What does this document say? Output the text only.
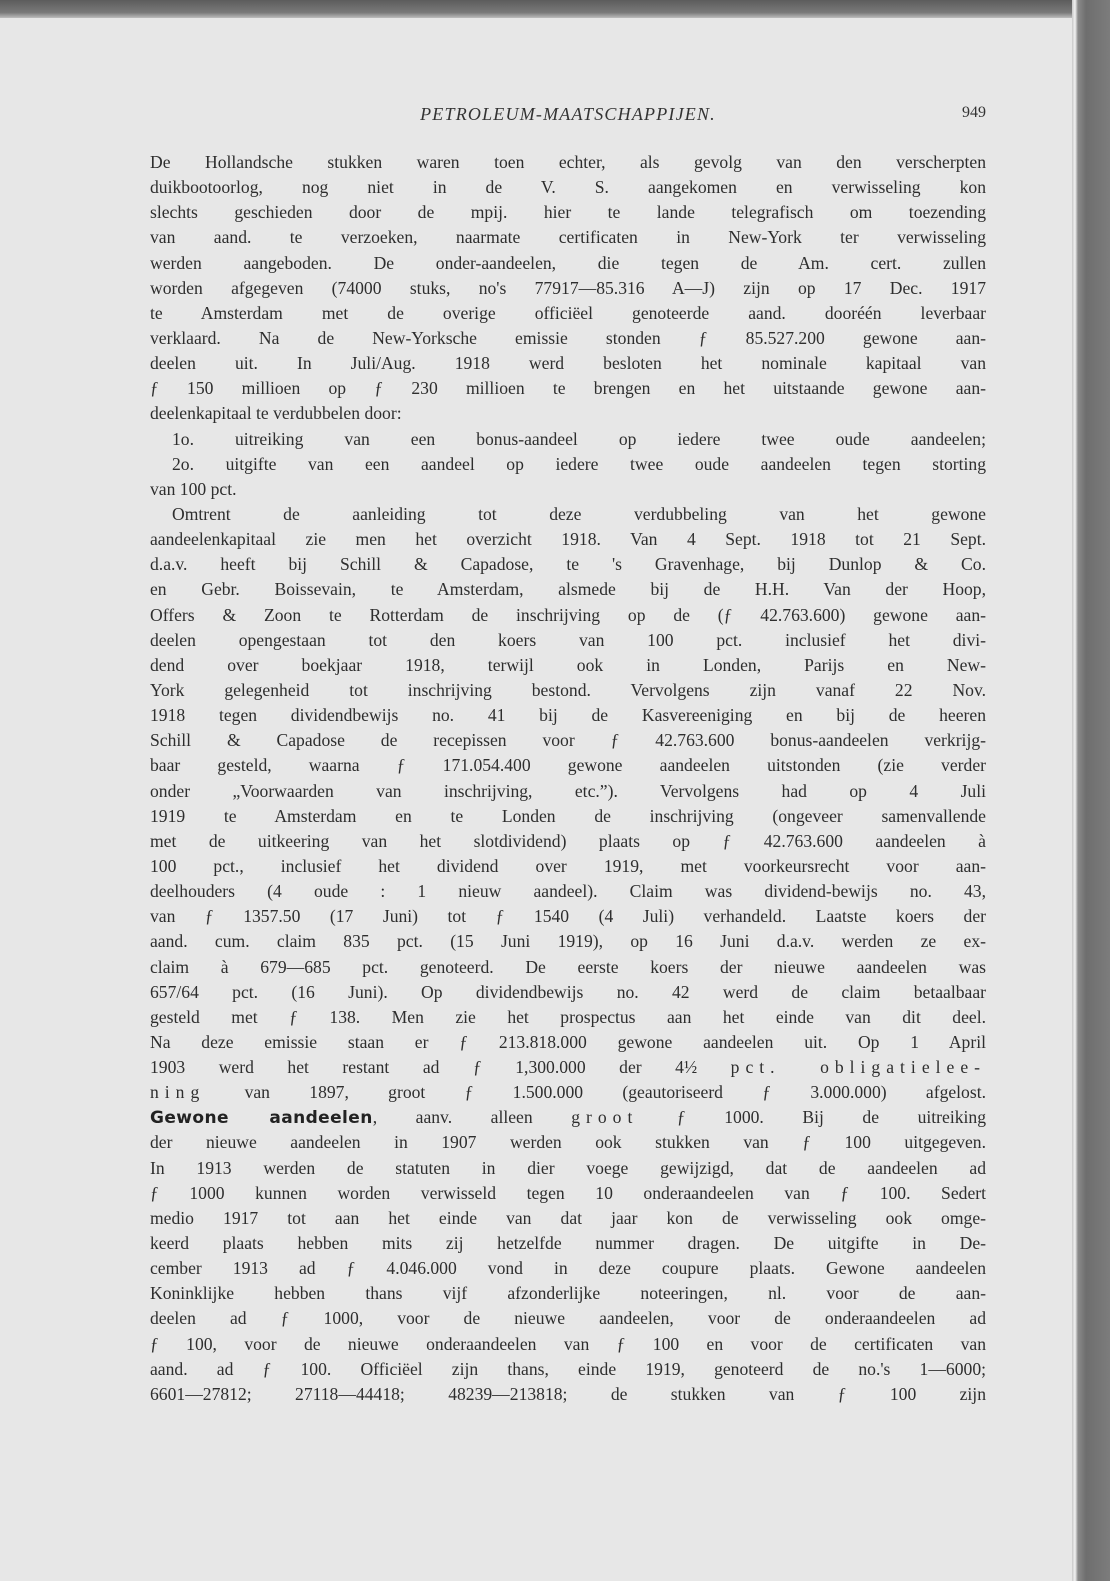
PETROLEUM-MAATSCHAPPIJEN.	949
De Hollandsche stukken waren toen echter, als gevolg van den verscherpten
duikbootoorlog, nog niet in de V. S. aangekomen en verwisseling kon
slechts geschieden door de mpij. hier te lande telegrafisch om toezending
van aand. te verzoeken, naarmate certificaten in New-York ter verwisseling
werden aangeboden. De onder-aandeelen, die tegen de Am. cert. zullen
worden afgegeven (74000 stuks, no's 77917—85.316 A—J) zijn op 17 Dec. 1917
te Amsterdam met de overige officiëel genoteerde aand. dooréén leverbaar
verklaard. Na de New-Yorksche emissie stonden ƒ 85.527.200 gewone aan-
deelen uit. In Juli/Aug. 1918 werd besloten het nominale kapitaal van
ƒ 150 millioen op ƒ 230 millioen te brengen en het uitstaande gewone aan-
deelenkapitaal te verdubbelen door:
1o. uitreiking van een bonus-aandeel op iedere twee oude aandeelen;
2o. uitgifte van een aandeel op iedere twee oude aandeelen tegen storting
van 100 pct.
Omtrent de aanleiding tot deze verdubbeling van het gewone
aandeelenkapitaal zie men het overzicht 1918. Van 4 Sept. 1918 tot 21 Sept.
d.a.v. heeft bij Schill & Capadose, te 's Gravenhage, bij Dunlop & Co.
en Gebr. Boissevain, te Amsterdam, alsmede bij de H.H. Van der Hoop,
Offers & Zoon te Rotterdam de inschrijving op de (ƒ 42.763.600) gewone aan-
deelen opengestaan tot den koers van 100 pct. inclusief het divi-
dend over boekjaar 1918, terwijl ook in Londen, Parijs en New-
York gelegenheid tot inschrijving bestond. Vervolgens zijn vanaf 22 Nov.
1918 tegen dividendbewijs no. 41 bij de Kasvereeniging en bij de heeren
Schill & Capadose de recepissen voor ƒ 42.763.600 bonus-aandeelen verkrijg-
baar gesteld, waarna ƒ 171.054.400 gewone aandeelen uitstonden (zie verder
onder „Voorwaarden van inschrijving, etc.”). Vervolgens had op 4 Juli
1919 te Amsterdam en te Londen de inschrijving (ongeveer samenvallende
met de uitkeering van het slotdividend) plaats op ƒ 42.763.600 aandeelen à
100 pct., inclusief het dividend over 1919, met voorkeursrecht voor aan-
deelhouders (4 oude : 1 nieuw aandeel). Claim was dividend-bewijs no. 43,
van ƒ 1357.50 (17 Juni) tot ƒ 1540 (4 Juli) verhandeld. Laatste koers der
aand. cum. claim 835 pct. (15 Juni 1919), op 16 Juni d.a.v. werden ze ex-
claim à 679—685 pct. genoteerd. De eerste koers der nieuwe aandeelen was
657/64 pct. (16 Juni). Op dividendbewijs no. 42 werd de claim betaalbaar
gesteld met ƒ 138. Men zie het prospectus aan het einde van dit deel.
Na deze emissie staan er ƒ 213.818.000 gewone aandeelen uit. Op 1 April
1903 werd het restant ad ƒ 1,300.000 der 4½ pct. obligatielee-
ning van 1897, groot ƒ 1.500.000 (geautoriseerd ƒ 3.000.000) afgelost.
Gewone aandeelen, aanv. alleen groot ƒ 1000. Bij de uitreiking
der nieuwe aandeelen in 1907 werden ook stukken van ƒ 100 uitgegeven.
In 1913 werden de statuten in dier voege gewijzigd, dat de aandeelen ad
ƒ 1000 kunnen worden verwisseld tegen 10 onderaandeelen van ƒ 100. Sedert
medio 1917 tot aan het einde van dat jaar kon de verwisseling ook omge-
keerd plaats hebben mits zij hetzelfde nummer dragen. De uitgifte in De-
cember 1913 ad ƒ 4.046.000 vond in deze coupure plaats. Gewone aandeelen
Koninklijke hebben thans vijf afzonderlijke noteeringen, nl. voor de aan-
deelen ad ƒ 1000, voor de nieuwe aandeelen, voor de onderaandeelen ad
ƒ 100, voor de nieuwe onderaandeelen van ƒ 100 en voor de certificaten van
aand. ad ƒ 100. Officiëel zijn thans, einde 1919, genoteerd de no.'s 1—6000;
6601—27812; 27118—44418; 48239—213818; de stukken van ƒ 100 zijn
